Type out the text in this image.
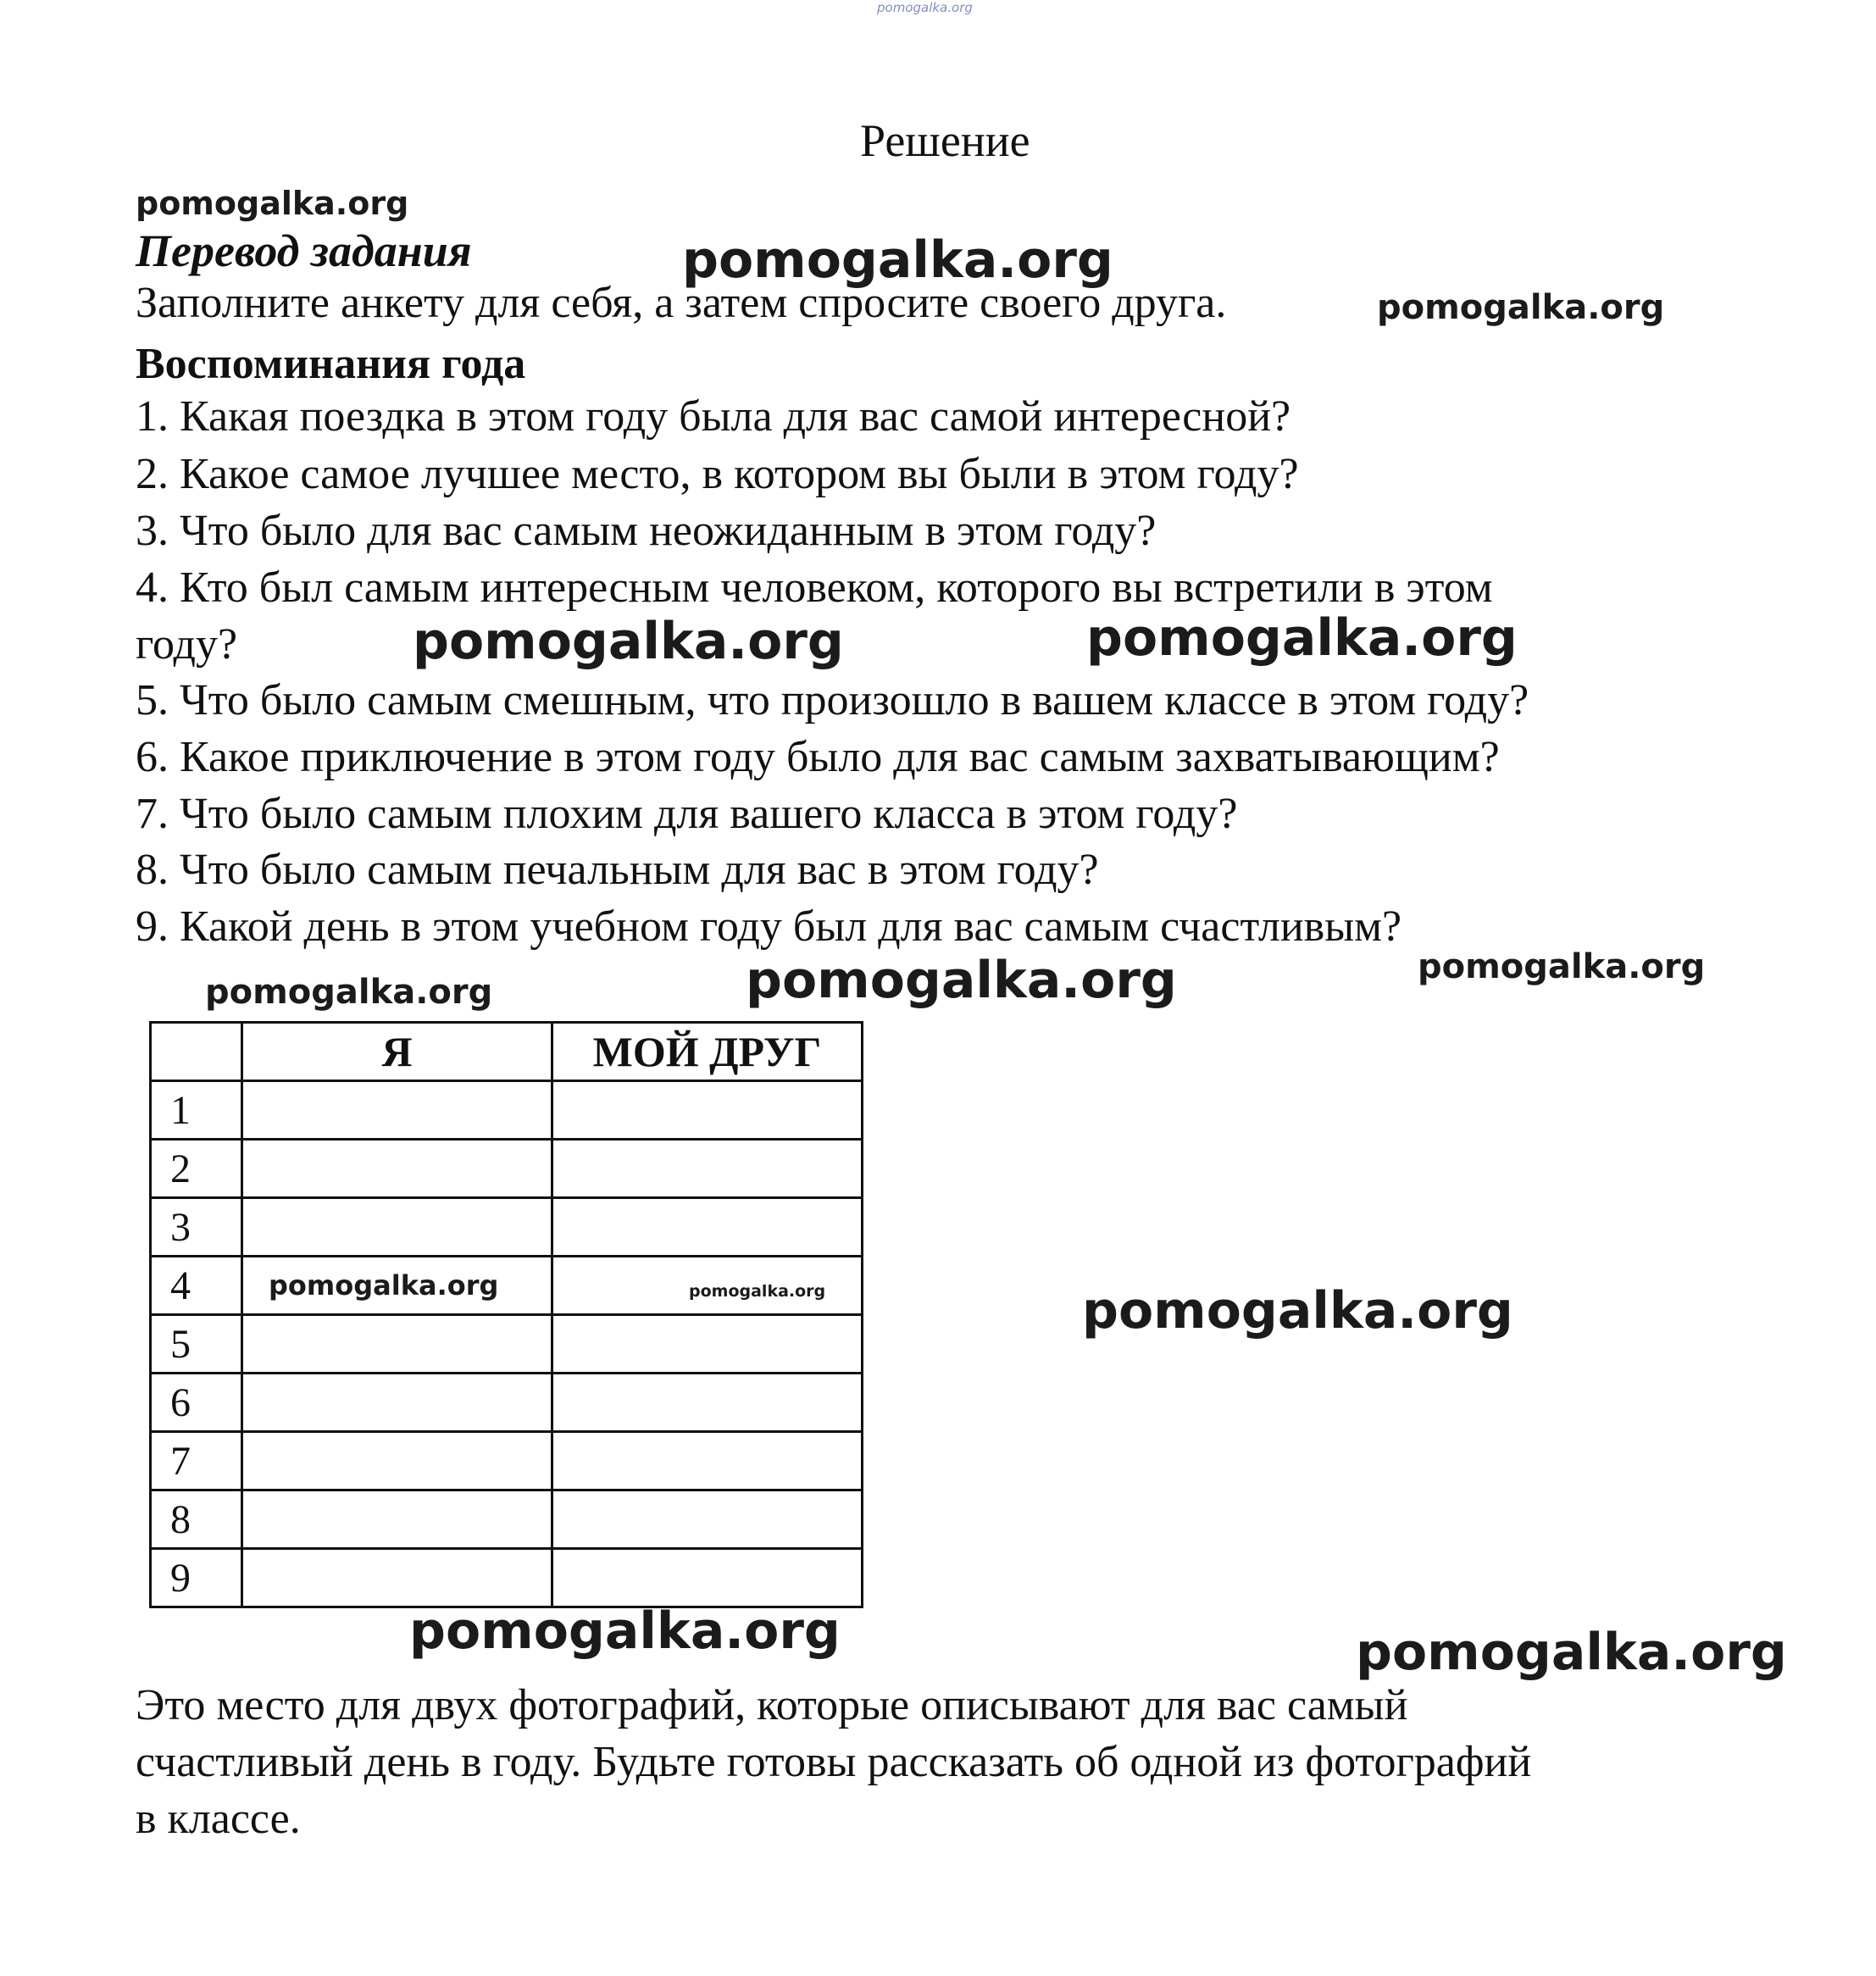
pomogalka.org
Решение
pomogalka.org
pomogalka.org
pomogalka.org
Перевод задания
Заполните анкету для себя, а затем спросите своего друга.
Воспоминания года
1. Какая поездка в этом году была для вас самой интересной?
2. Какое самое лучшее место, в котором вы были в этом году?
3. Что было для вас самым неожиданным в этом году?
4. Кто был самым интересным человеком, которого вы встретили в этом
году?
5. Что было самым смешным, что произошло в вашем классе в этом году?
6. Какое приключение в этом году было для вас самым захватывающим?
7. Что было самым плохим для вашего класса в этом году?
8. Что было самым печальным для вас в этом году?
9. Какой день в этом учебном году был для вас самым счастливым?
pomogalka.org	pomogalka.org
pomogalka.org	pomogalka.org	pomogalka.org
	Я	МОЙ ДРУГ
1		
2		
3		
4	pomogalka.org	pomogalka.org

5		
6		
7		
8		
9		
pomogalka.org
pomogalka.org	pomogalka.org
Это место для двух фотографий, которые описывают для вас самый
счастливый день в году. Будьте готовы рассказать об одной из фотографий
в классе.
